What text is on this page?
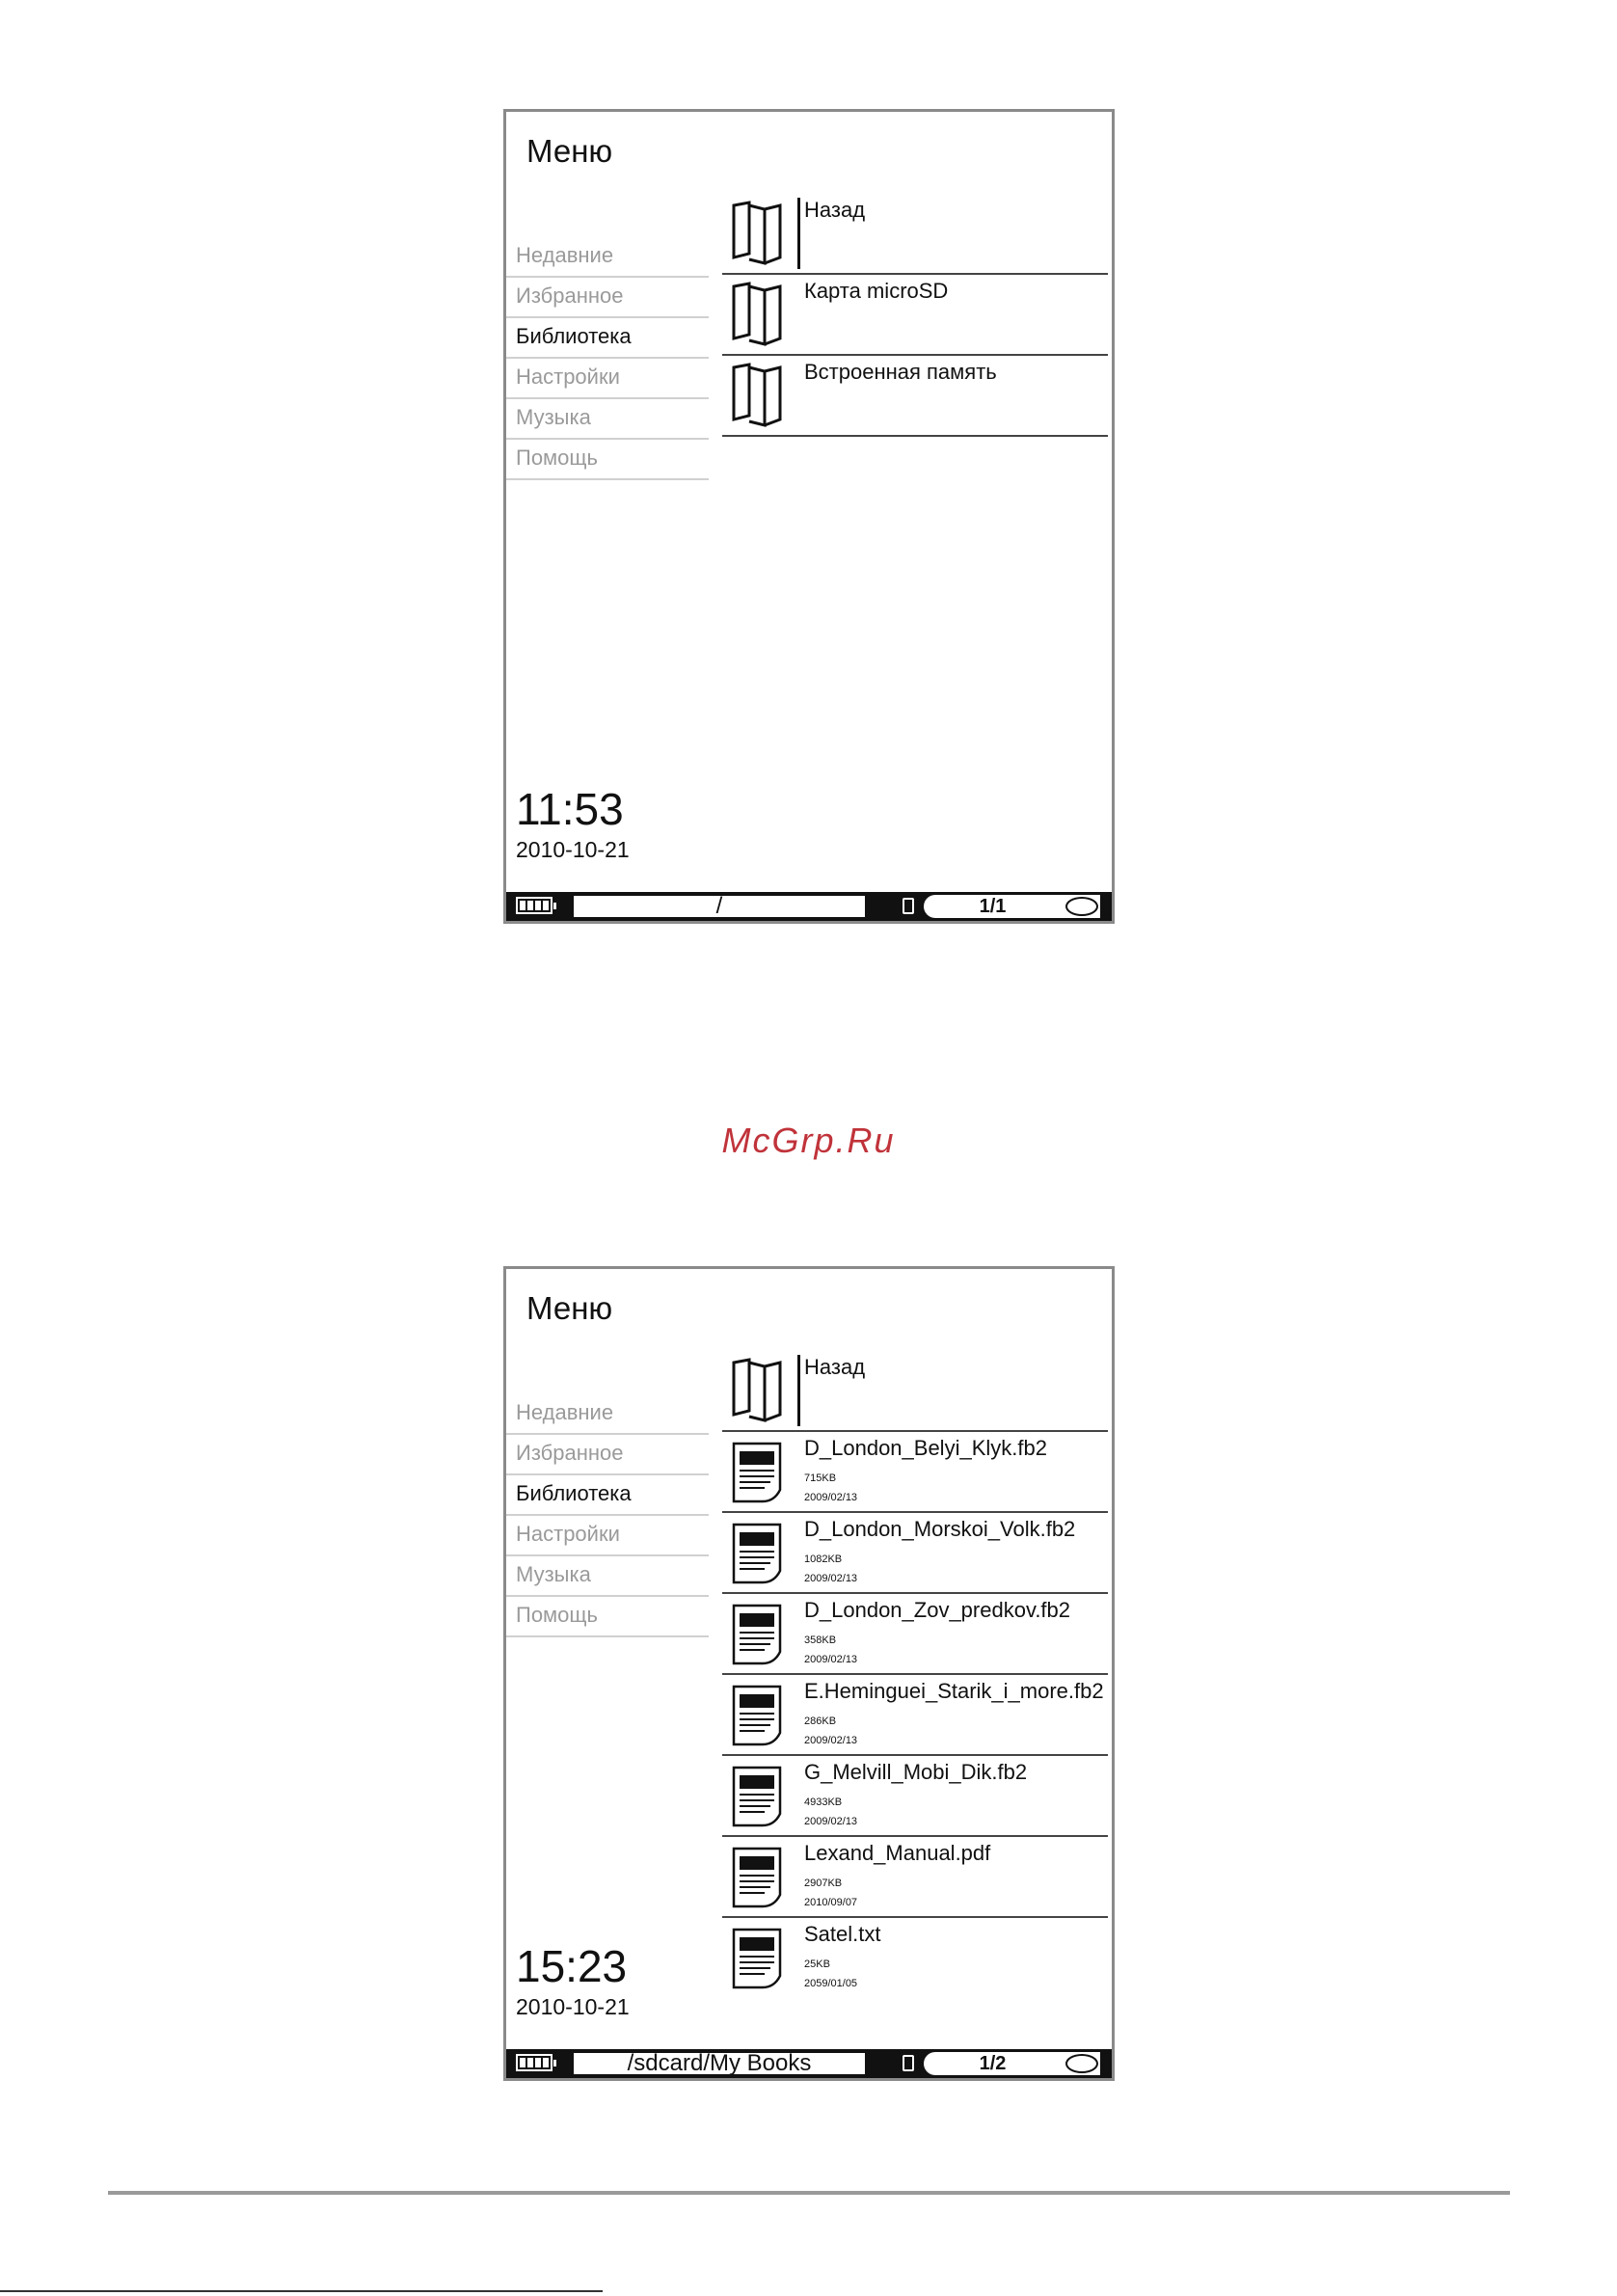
Меню
Недавние
Избранное
Библиотека
Настройки
Музыка
Помощь
11:53
2010-10-21
Назад
Карта microSD
Встроенная память
/	1/1
McGrp.Ru
Меню
Недавние
Избранное
Библиотека
Настройки
Музыка
Помощь
15:23
2010-10-21
Назад
D_London_Belyi_Klyk.fb2
715KB
2009/02/13
D_London_Morskoi_Volk.fb2
1082KB
2009/02/13
D_London_Zov_predkov.fb2
358KB
2009/02/13
E.Heminguei_Starik_i_more.fb2
286KB
2009/02/13
G_Melvill_Mobi_Dik.fb2
4933KB
2009/02/13
Lexand_Manual.pdf
2907KB
2010/09/07
Satel.txt
25KB
2059/01/05
/sdcard/My Books	1/2
